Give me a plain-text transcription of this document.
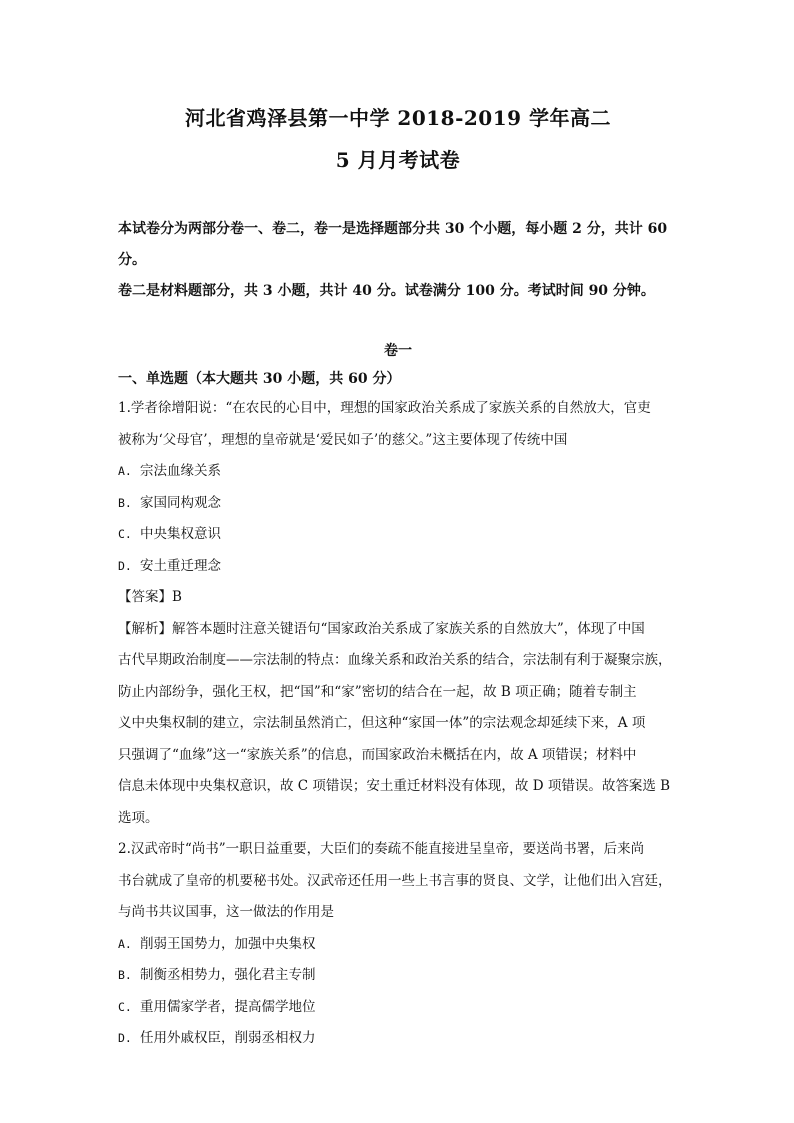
河北省鸡泽县第一中学 2018-2019 学年高二
5 月月考试卷
本试卷分为两部分卷一、卷二，卷一是选择题部分共 30 个小题，每小题 2 分，共计 60 分。
卷二是材料题部分，共 3 小题，共计 40 分。试卷满分 100 分。考试时间 90 分钟。
卷一
一、单选题（本大题共 30 小题，共 60 分）
1.学者徐增阳说：“在农民的心目中，理想的国家政治关系成了家族关系的自然放大，官吏
被称为‘父母官’，理想的皇帝就是‘爱民如子’的慈父。”这主要体现了传统中国
A. 宗法血缘关系
B. 家国同构观念
C. 中央集权意识
D. 安土重迁理念
【答案】B
【解析】解答本题时注意关键语句“国家政治关系成了家族关系的自然放大”，体现了中国
古代早期政治制度——宗法制的特点：血缘关系和政治关系的结合，宗法制有利于凝聚宗族，
防止内部纷争，强化王权，把“国”和“家”密切的结合在一起，故 B 项正确；随着专制主
义中央集权制的建立，宗法制虽然消亡，但这种“家国一体”的宗法观念却延续下来，A 项
只强调了“血缘”这一“家族关系”的信息，而国家政治未概括在内，故 A 项错误；材料中
信息未体现中央集权意识，故 C 项错误；安土重迁材料没有体现，故 D 项错误。故答案选 B
选项。
2.汉武帝时“尚书”一职日益重要，大臣们的奏疏不能直接进呈皇帝，要送尚书署，后来尚
书台就成了皇帝的机要秘书处。汉武帝还任用一些上书言事的贤良、文学，让他们出入宫廷，
与尚书共议国事，这一做法的作用是
A. 削弱王国势力，加强中央集权
B. 制衡丞相势力，强化君主专制
C. 重用儒家学者，提高儒学地位
D. 任用外戚权臣，削弱丞相权力
